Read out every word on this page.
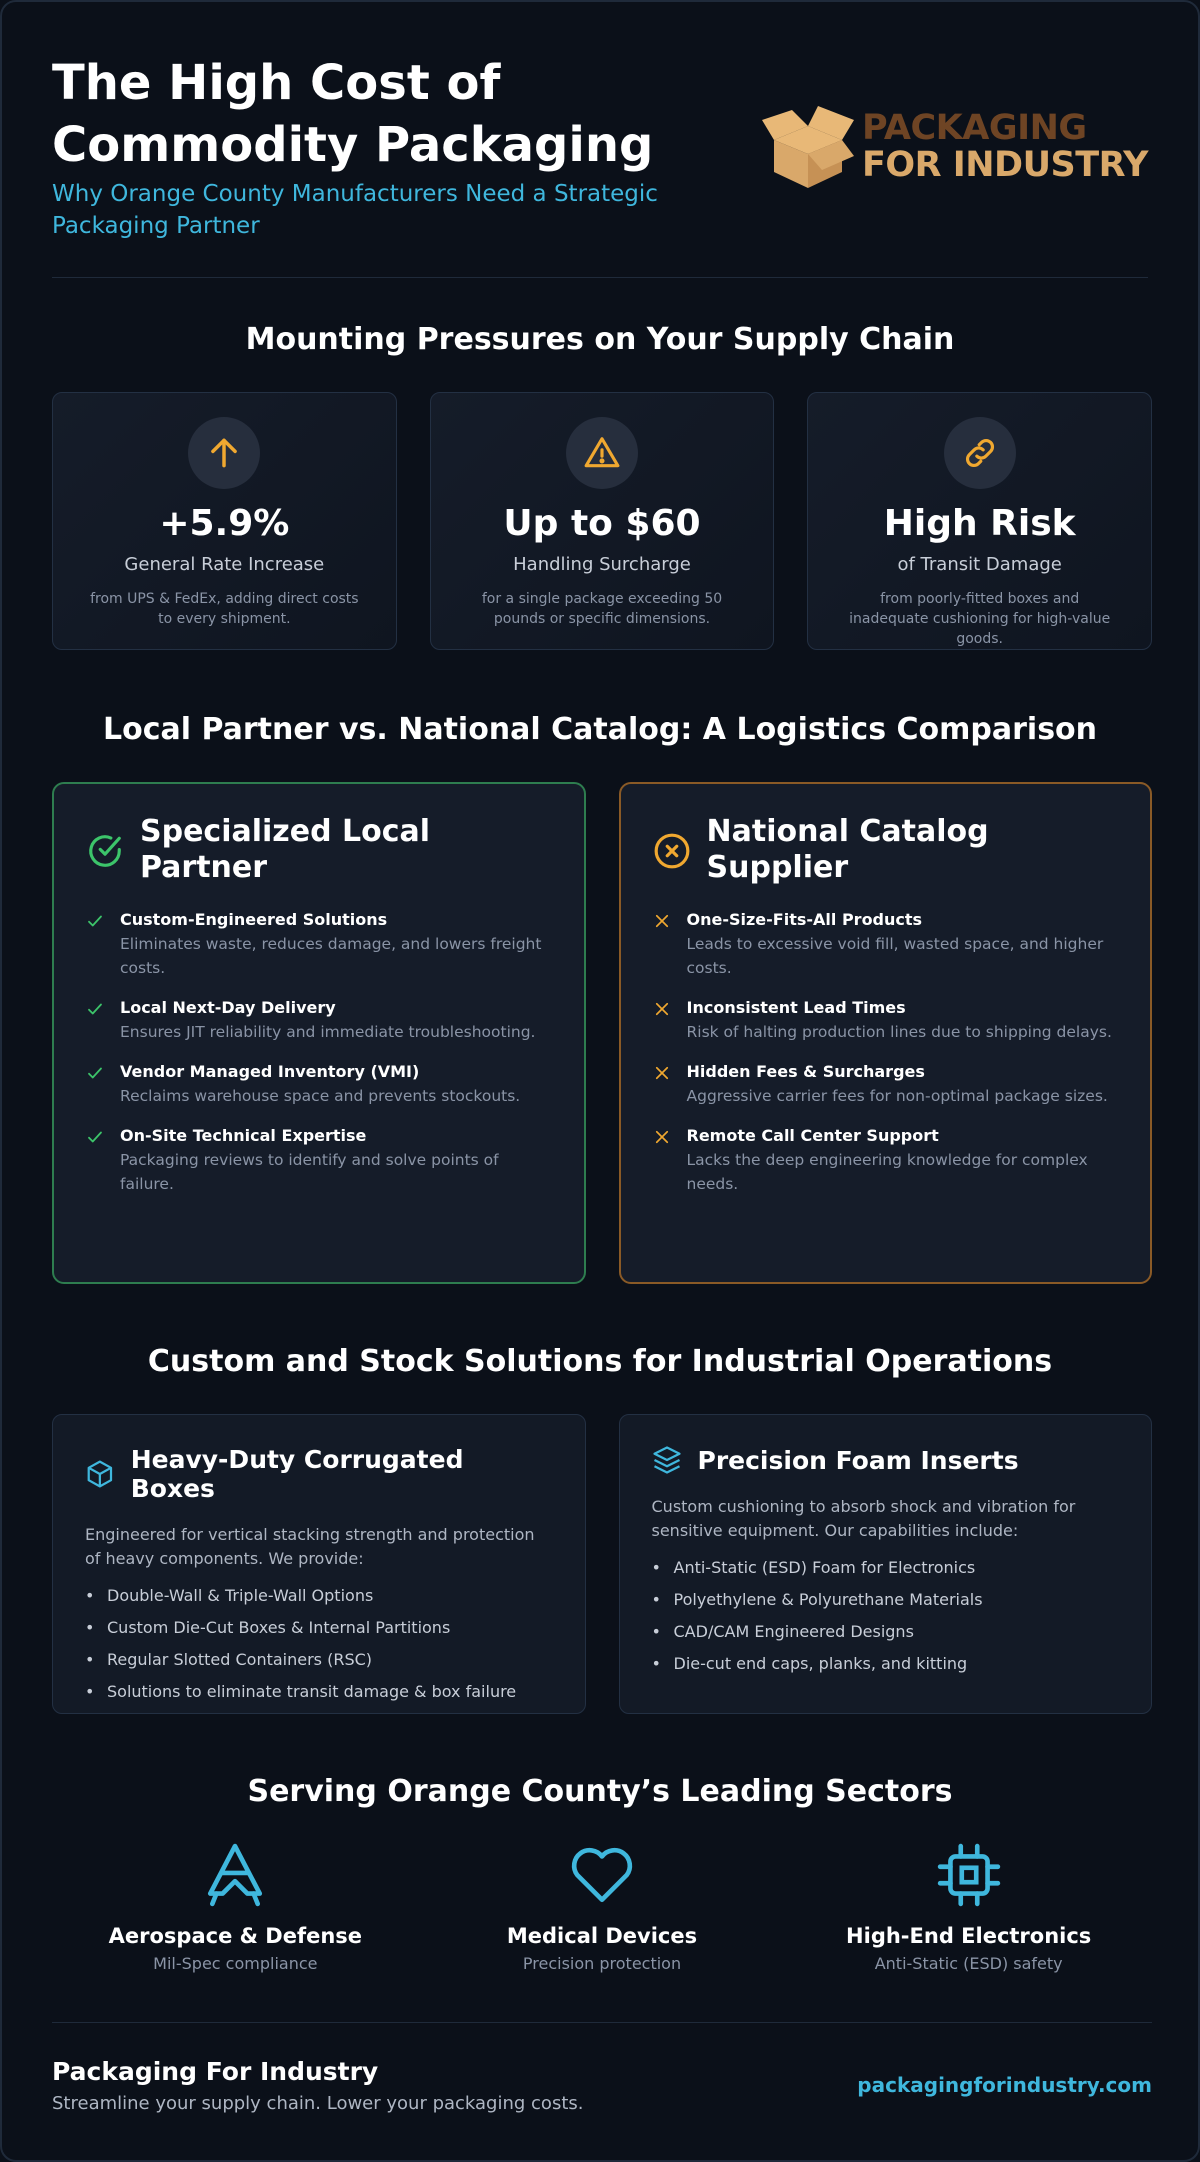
The High Cost of Commodity Packaging
Why Orange County Manufacturers Need a Strategic Packaging Partner
PACKAGING
FOR INDUSTRY
Mounting Pressures on Your Supply Chain
+5.9%
General Rate Increase
from UPS & FedEx, adding direct costs to every shipment.
Up to $60
Handling Surcharge
for a single package exceeding 50 pounds or specific dimensions.
High Risk
of Transit Damage
from poorly-fitted boxes and inadequate cushioning for high-value goods.
Local Partner vs. National Catalog: A Logistics Comparison
Specialized Local Partner
Custom-Engineered Solutions
Eliminates waste, reduces damage, and lowers freight costs.
Local Next-Day Delivery
Ensures JIT reliability and immediate troubleshooting.
Vendor Managed Inventory (VMI)
Reclaims warehouse space and prevents stockouts.
On-Site Technical Expertise
Packaging reviews to identify and solve points of failure.
National Catalog Supplier
One-Size-Fits-All Products
Leads to excessive void fill, wasted space, and higher costs.
Inconsistent Lead Times
Risk of halting production lines due to shipping delays.
Hidden Fees & Surcharges
Aggressive carrier fees for non-optimal package sizes.
Remote Call Center Support
Lacks the deep engineering knowledge for complex needs.
Custom and Stock Solutions for Industrial Operations
Heavy-Duty Corrugated Boxes
Engineered for vertical stacking strength and protection of heavy components. We provide:
• Double-Wall & Triple-Wall Options
• Custom Die-Cut Boxes & Internal Partitions
• Regular Slotted Containers (RSC)
• Solutions to eliminate transit damage & box failure
Precision Foam Inserts
Custom cushioning to absorb shock and vibration for sensitive equipment. Our capabilities include:
• Anti-Static (ESD) Foam for Electronics
• Polyethylene & Polyurethane Materials
• CAD/CAM Engineered Designs
• Die-cut end caps, planks, and kitting
Serving Orange County’s Leading Sectors
Aerospace & Defense
Mil-Spec compliance
Medical Devices
Precision protection
High-End Electronics
Anti-Static (ESD) safety
Packaging For Industry
Streamline your supply chain. Lower your packaging costs.
packagingforindustry.com
